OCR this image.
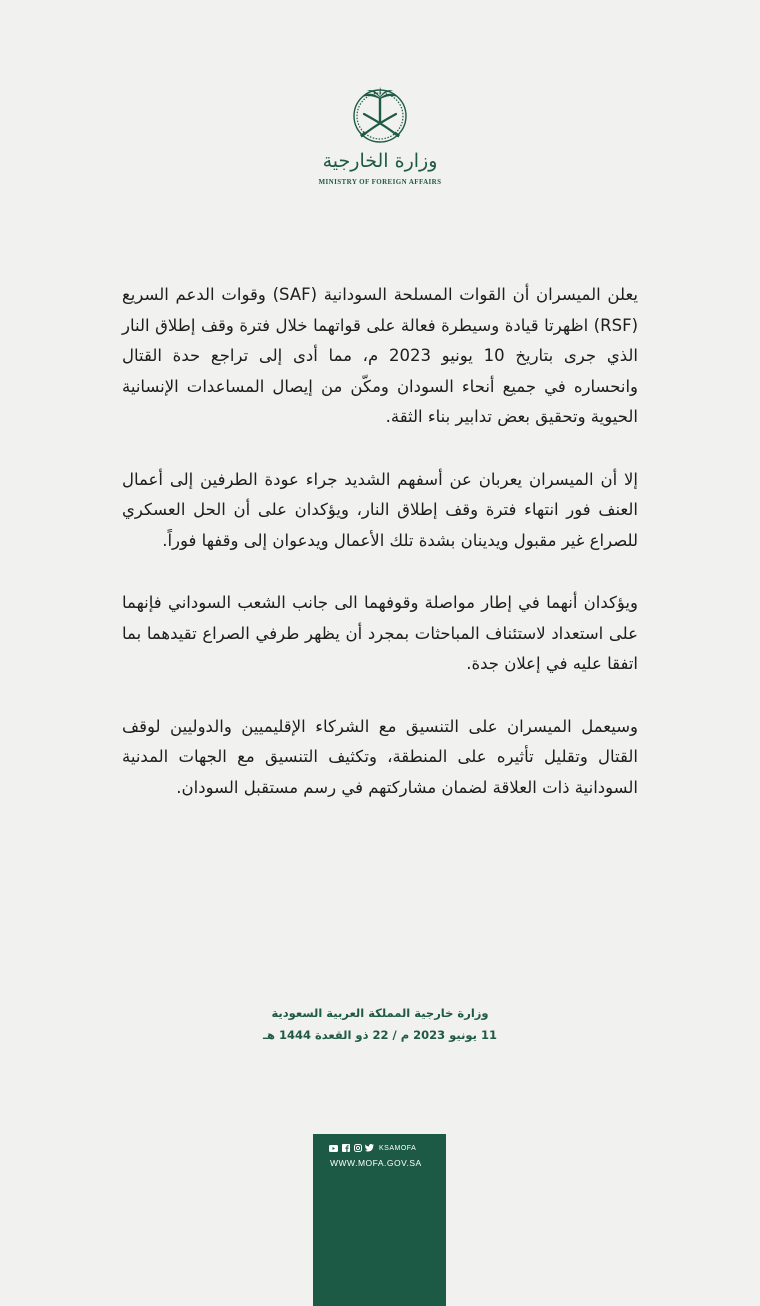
وزارة الخارجية
MINISTRY OF FOREIGN AFFAIRS

يعلن الميسران أن القوات المسلحة السودانية (SAF) وقوات الدعم السريع (RSF) اظهرتا قيادة وسيطرة فعالة على قواتهما خلال فترة وقف إطلاق النار الذي جرى بتاريخ 10 يونيو 2023 م، مما أدى إلى تراجع حدة القتال وانحساره في جميع أنحاء السودان ومكّن من إيصال المساعدات الإنسانية الحيوية وتحقيق بعض تدابير بناء الثقة.

إلا أن الميسران يعربان عن أسفهم الشديد جراء عودة الطرفين إلى أعمال العنف فور انتهاء فترة وقف إطلاق النار، ويؤكدان على أن الحل العسكري للصراع غير مقبول ويدينان بشدة تلك الأعمال ويدعوان إلى وقفها فوراً.

ويؤكدان أنهما في إطار مواصلة وقوفهما الى جانب الشعب السوداني فإنهما على استعداد لاستئناف المباحثات بمجرد أن يظهر طرفي الصراع تقيدهما بما اتفقا عليه في إعلان جدة.

وسيعمل الميسران على التنسيق مع الشركاء الإقليميين والدوليين لوقف القتال وتقليل تأثيره على المنطقة، وتكثيف التنسيق مع الجهات المدنية السودانية ذات العلاقة لضمان مشاركتهم في رسم مستقبل السودان.

وزارة خارجية المملكة العربية السعودية
11 يونيو 2023 م / 22 ذو القعدة 1444 هـ
KSAMOFA
WWW.MOFA.GOV.SA
